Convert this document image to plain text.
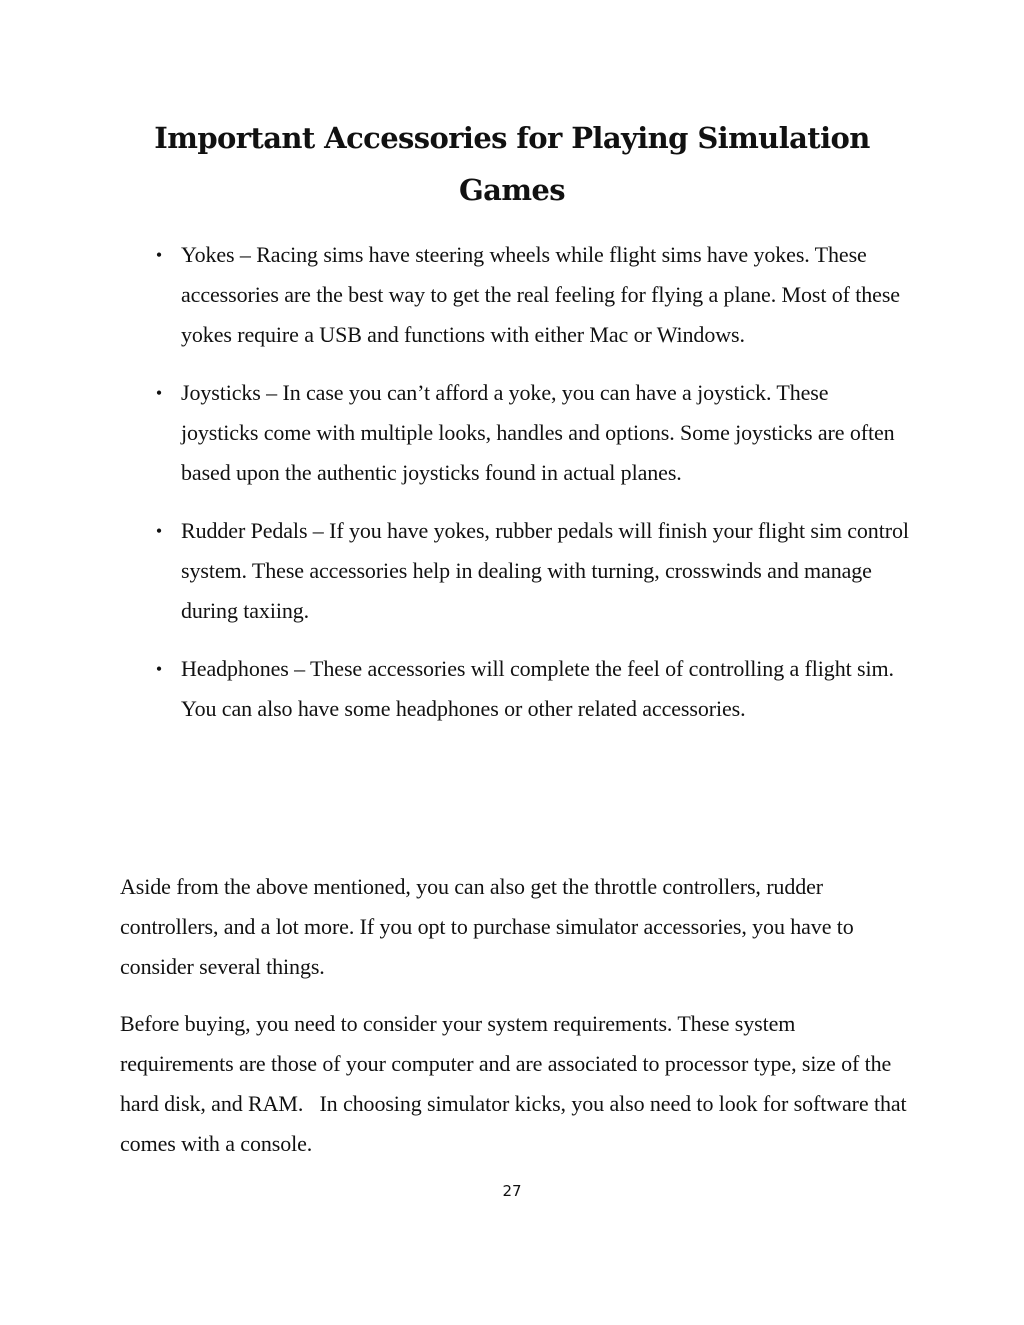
Important Accessories for Playing Simulation Games
• Yokes – Racing sims have steering wheels while flight sims have yokes. These accessories are the best way to get the real feeling for flying a plane. Most of these yokes require a USB and functions with either Mac or Windows.
• Joysticks – In case you can’t afford a yoke, you can have a joystick. These joysticks come with multiple looks, handles and options. Some joysticks are often based upon the authentic joysticks found in actual planes.
• Rudder Pedals – If you have yokes, rubber pedals will finish your flight sim control system. These accessories help in dealing with turning, crosswinds and manage during taxiing.
• Headphones – These accessories will complete the feel of controlling a flight sim. You can also have some headphones or other related accessories.

Aside from the above mentioned, you can also get the throttle controllers, rudder controllers, and a lot more. If you opt to purchase simulator accessories, you have to consider several things.

Before buying, you need to consider your system requirements. These system requirements are those of your computer and are associated to processor type, size of the hard disk, and RAM.   In choosing simulator kicks, you also need to look for software that comes with a console.

27
